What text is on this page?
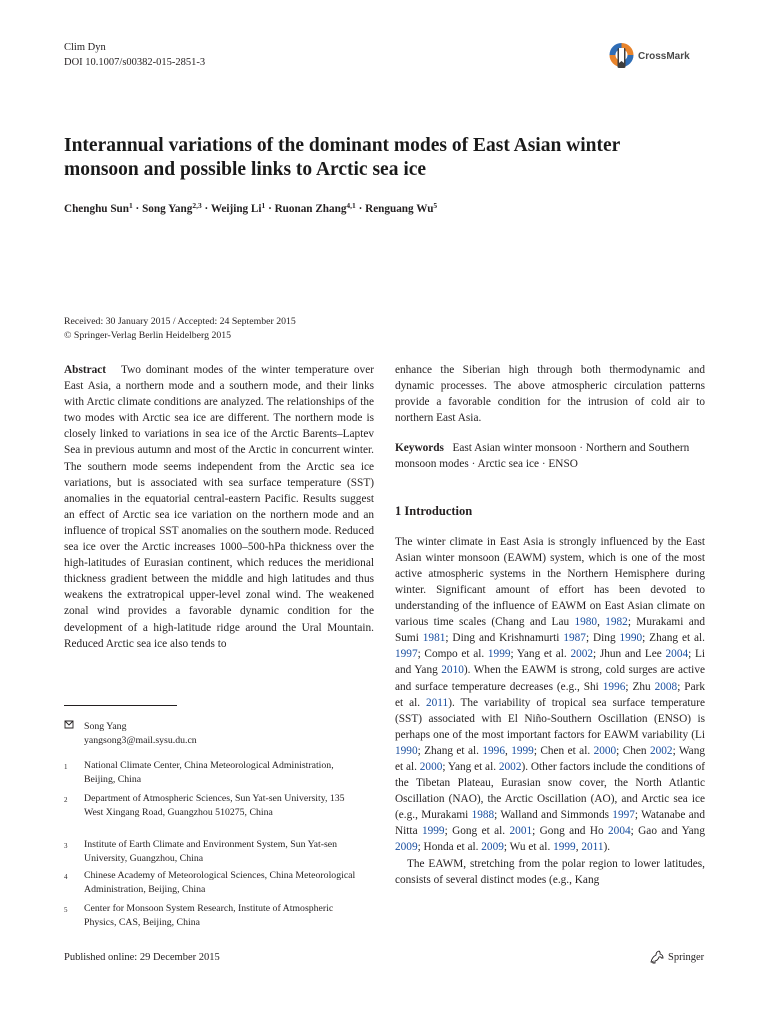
Clim Dyn
DOI 10.1007/s00382-015-2851-3
CrossMark
Interannual variations of the dominant modes of East Asian winter monsoon and possible links to Arctic sea ice
Chenghu Sun$^1$ · Song Yang$^{2,3}$ · Weijing $Li^1$ · Ruonan Zhang$^{4,1}$ · Renguang Wu$^5$
Received: 30 January 2015 / Accepted: 24 September 2015
© Springer-Verlag Berlin Heidelberg 2015

Abstract Two dominant modes of the winter temperature over East Asia, a northern mode and a southern mode, and their links with Arctic climate conditions are analyzed. The relationships of the two modes with Arctic sea ice are different. The northern mode is closely linked to variations in sea ice of the Arctic Barents–Laptev Sea in previous autumn and most of the Arctic in concurrent winter. The southern mode seems independent from the Arctic sea ice variations, but is associated with sea surface temperature (SST) anomalies in the equatorial central-eastern Pacific. Results suggest an effect of Arctic sea ice variation on the northern mode and an influence of tropical SST anomalies on the southern mode. Reduced sea ice over the Arctic increases 1000–500-hPa thickness over the high-latitudes of Eurasian continent, which reduces the meridional thickness gradient between the middle and high latitudes and thus weakens the extratropical upper-level zonal wind. The weakened zonal wind provides a favorable dynamic condition for the development of a high-latitude ridge around the Ural Mountain. Reduced Arctic sea ice also tends to

enhance the Siberian high through both thermodynamic and dynamic processes. The above atmospheric circulation patterns provide a favorable condition for the intrusion of cold air to northern East Asia.

Keywords East Asian winter monsoon · Northern and Southern monsoon modes · Arctic sea ice · ENSO

1 Introduction

The winter climate in East Asia is strongly influenced by the East Asian winter monsoon (EAWM) system, which is one of the most active atmospheric systems in the Northern Hemisphere during winter. Significant amount of effort has been devoted to understanding of the influence of EAWM on East Asian climate on various time scales (Chang and Lau 1980, 1982; Murakami and Sumi 1981; Ding and Krishnamurti 1987; Ding 1990; Zhang et al. 1997; Compo et al. 1999; Yang et al. 2002; Jhun and Lee 2004; Li and Yang 2010). When the EAWM is strong, cold surges are active and surface temperature decreases (e.g., Shi 1996; Zhu 2008; Park et al. 2011). The variability of tropical sea surface temperature (SST) associated with El Niño-Southern Oscillation (ENSO) is perhaps one of the most important factors for EAWM variability (Li 1990; Zhang et al. 1996, 1999; Chen et al. 2000; Chen 2002; Wang et al. 2000; Yang et al. 2002). Other factors include the conditions of the Tibetan Plateau, Eurasian snow cover, the North Atlantic Oscillation (NAO), the Arctic Oscillation (AO), and Arctic sea ice (e.g., Murakami 1988; Walland and Simmonds 1997; Watanabe and Nitta 1999; Gong et al. 2001; Gong and Ho 2004; Gao and Yang 2009; Honda et al. 2009; Wu et al. 1999, 2011).

The EAWM, stretching from the polar region to lower latitudes, consists of several distinct modes (e.g., Kang

Song Yang
yangsong3@mail.sysu.du.cn
1	National Climate Center, China Meteorological Administration, Beijing, China
2	Department of Atmospheric Sciences, Sun Yat-sen University, 135 West Xingang Road, Guangzhou 510275, China
3	Institute of Earth Climate and Environment System, Sun Yat-sen University, Guangzhou, China
4	Chinese Academy of Meteorological Sciences, China Meteorological Administration, Beijing, China
5	Center for Monsoon System Research, Institute of Atmospheric Physics, CAS, Beijing, China
Published online: 29 December 2015	Springer
